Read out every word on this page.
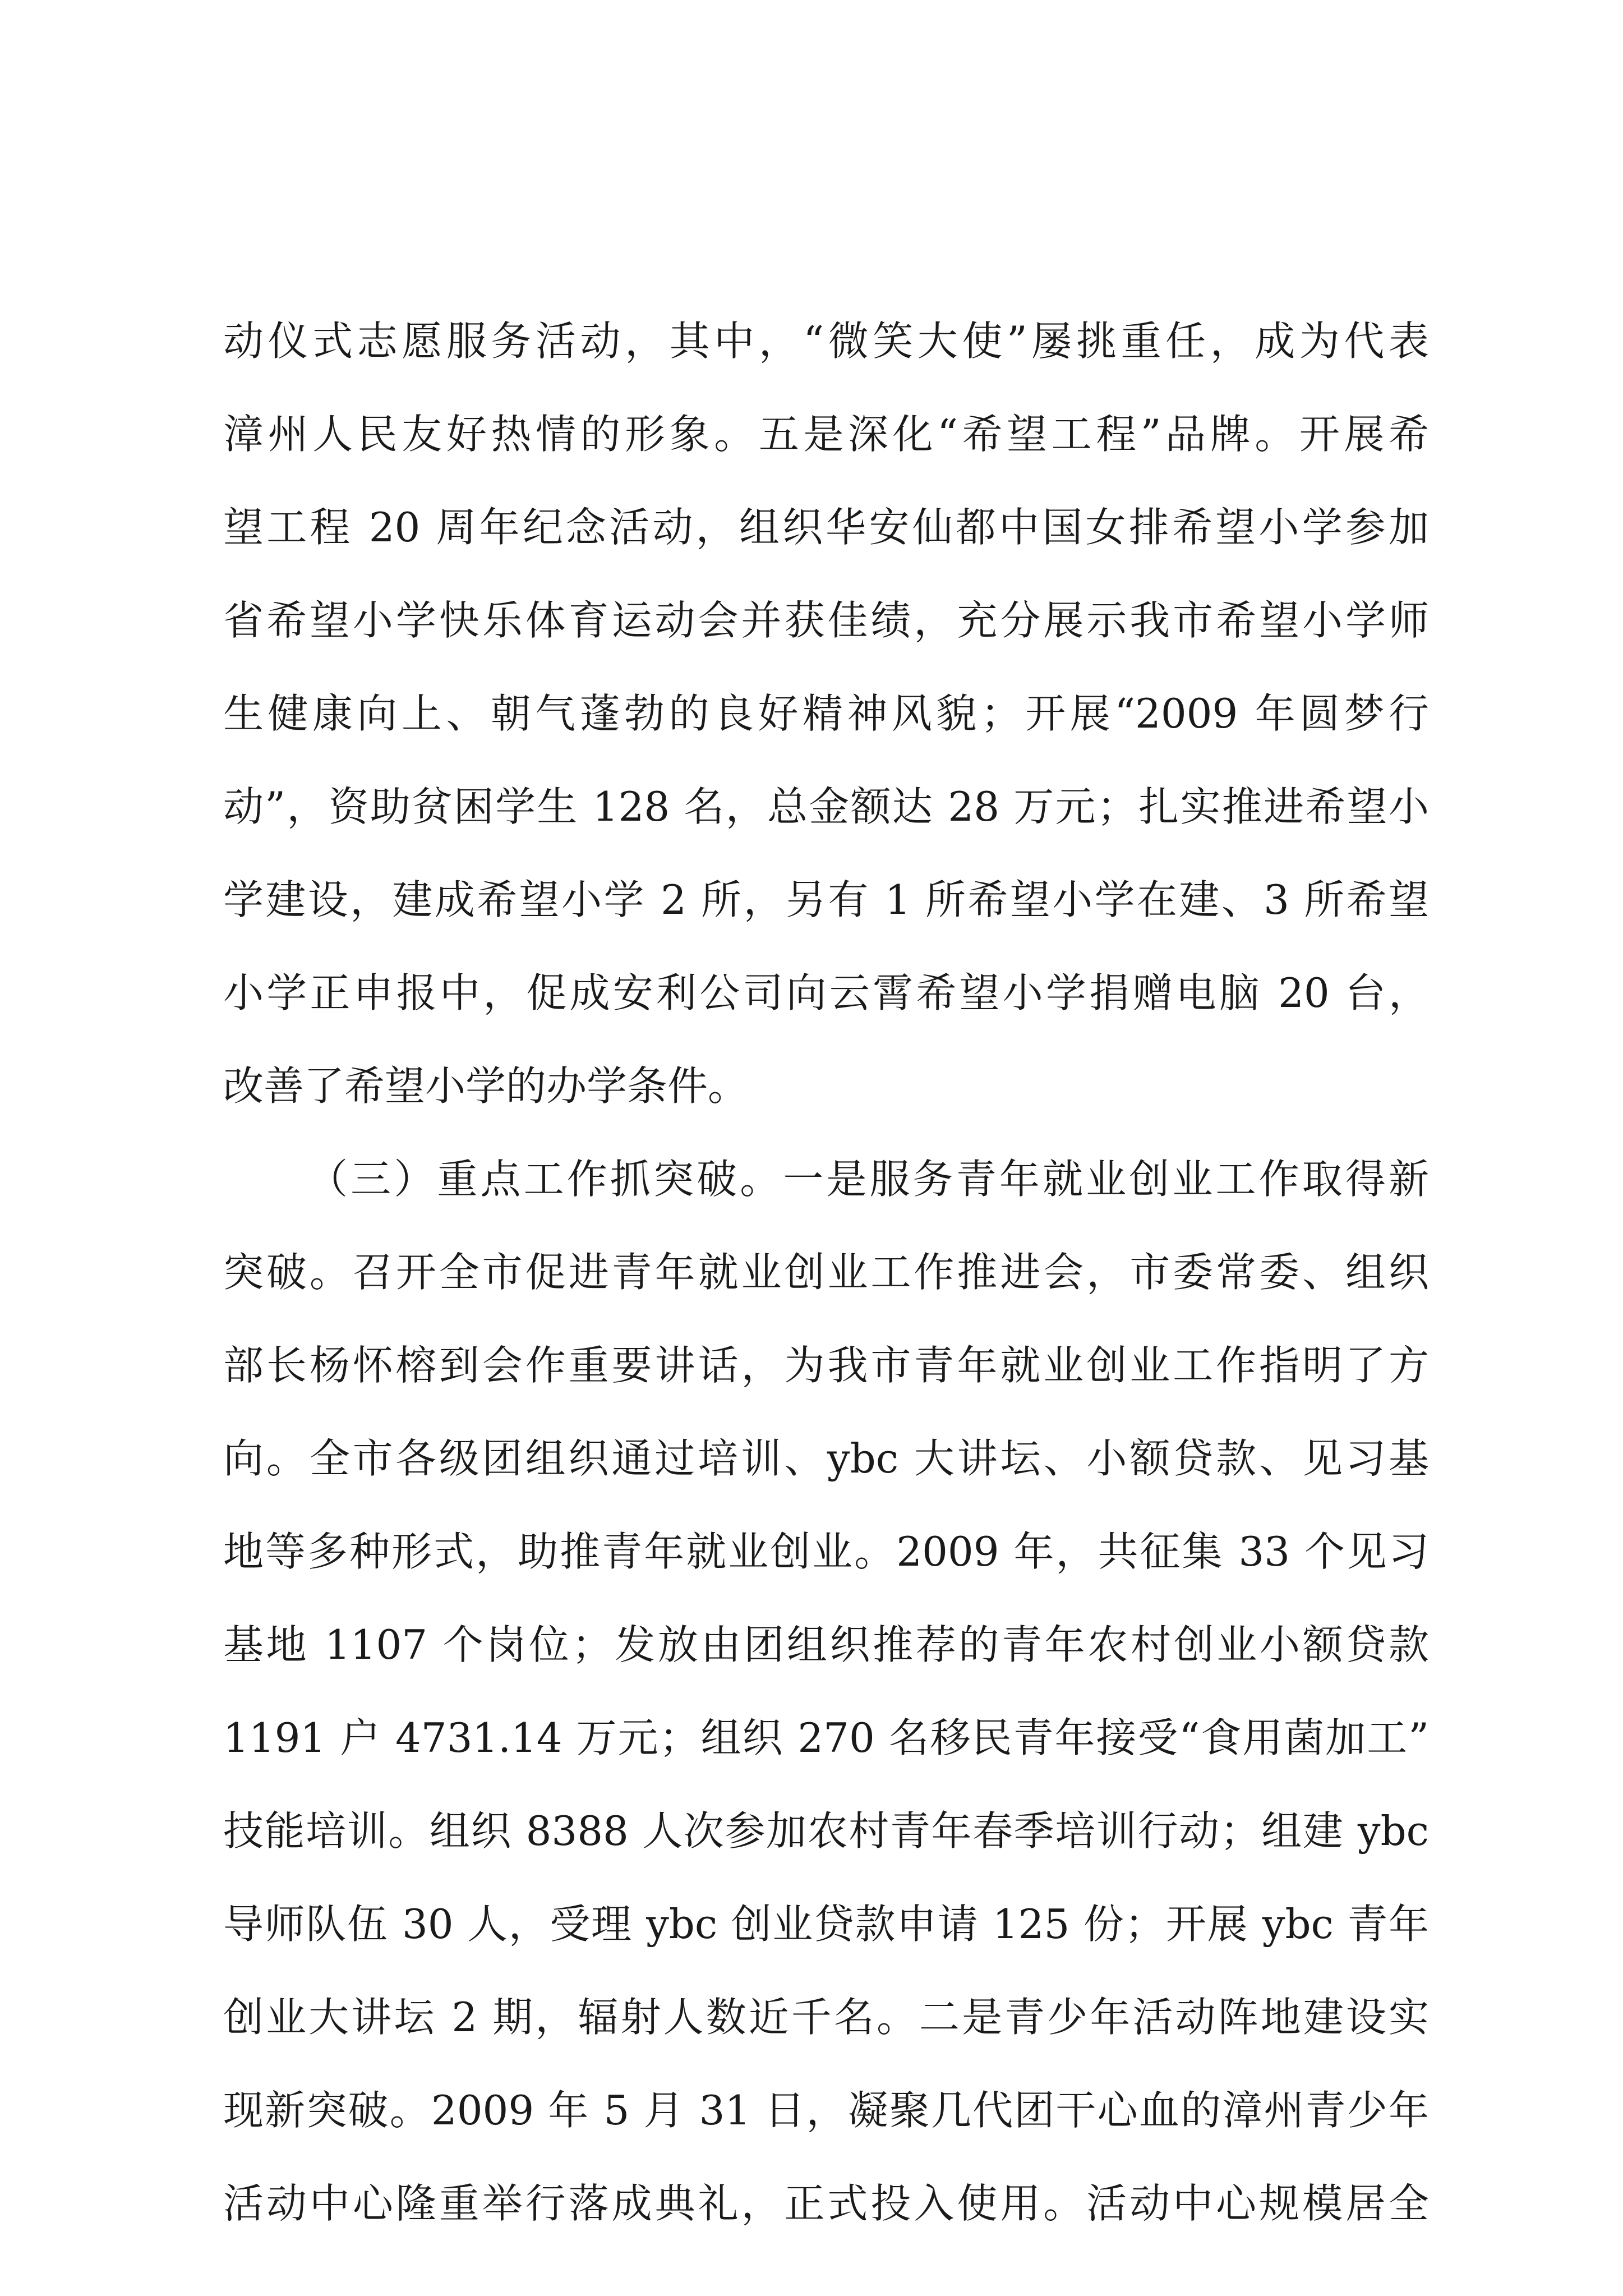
动仪式志愿服务活动，其中，“微笑大使”屡挑重任，成为代表
漳州人民友好热情的形象。五是深化“希望工程”品牌。开展希
望工程 20 周年纪念活动，组织华安仙都中国女排希望小学参加
省希望小学快乐体育运动会并获佳绩，充分展示我市希望小学师
生健康向上、朝气蓬勃的良好精神风貌；开展“2009 年圆梦行
动”，资助贫困学生 128 名，总金额达 28 万元；扎实推进希望小
学建设，建成希望小学 2 所，另有 1 所希望小学在建、3 所希望
小学正申报中，促成安利公司向云霄希望小学捐赠电脑 20 台，
改善了希望小学的办学条件。
（三）重点工作抓突破。一是服务青年就业创业工作取得新
突破。召开全市促进青年就业创业工作推进会，市委常委、组织
部长杨怀榕到会作重要讲话，为我市青年就业创业工作指明了方
向。全市各级团组织通过培训、ybc 大讲坛、小额贷款、见习基
地等多种形式，助推青年就业创业。2009 年，共征集 33 个见习
基地 1107 个岗位；发放由团组织推荐的青年农村创业小额贷款
1191 户 4731.14 万元；组织 270 名移民青年接受“食用菌加工”
技能培训。组织 8388 人次参加农村青年春季培训行动；组建 ybc
导师队伍 30 人，受理 ybc 创业贷款申请 125 份；开展 ybc 青年
创业大讲坛 2 期，辐射人数近千名。二是青少年活动阵地建设实
现新突破。2009 年 5 月 31 日，凝聚几代团干心血的漳州青少年
活动中心隆重举行落成典礼，正式投入使用。活动中心规模居全
